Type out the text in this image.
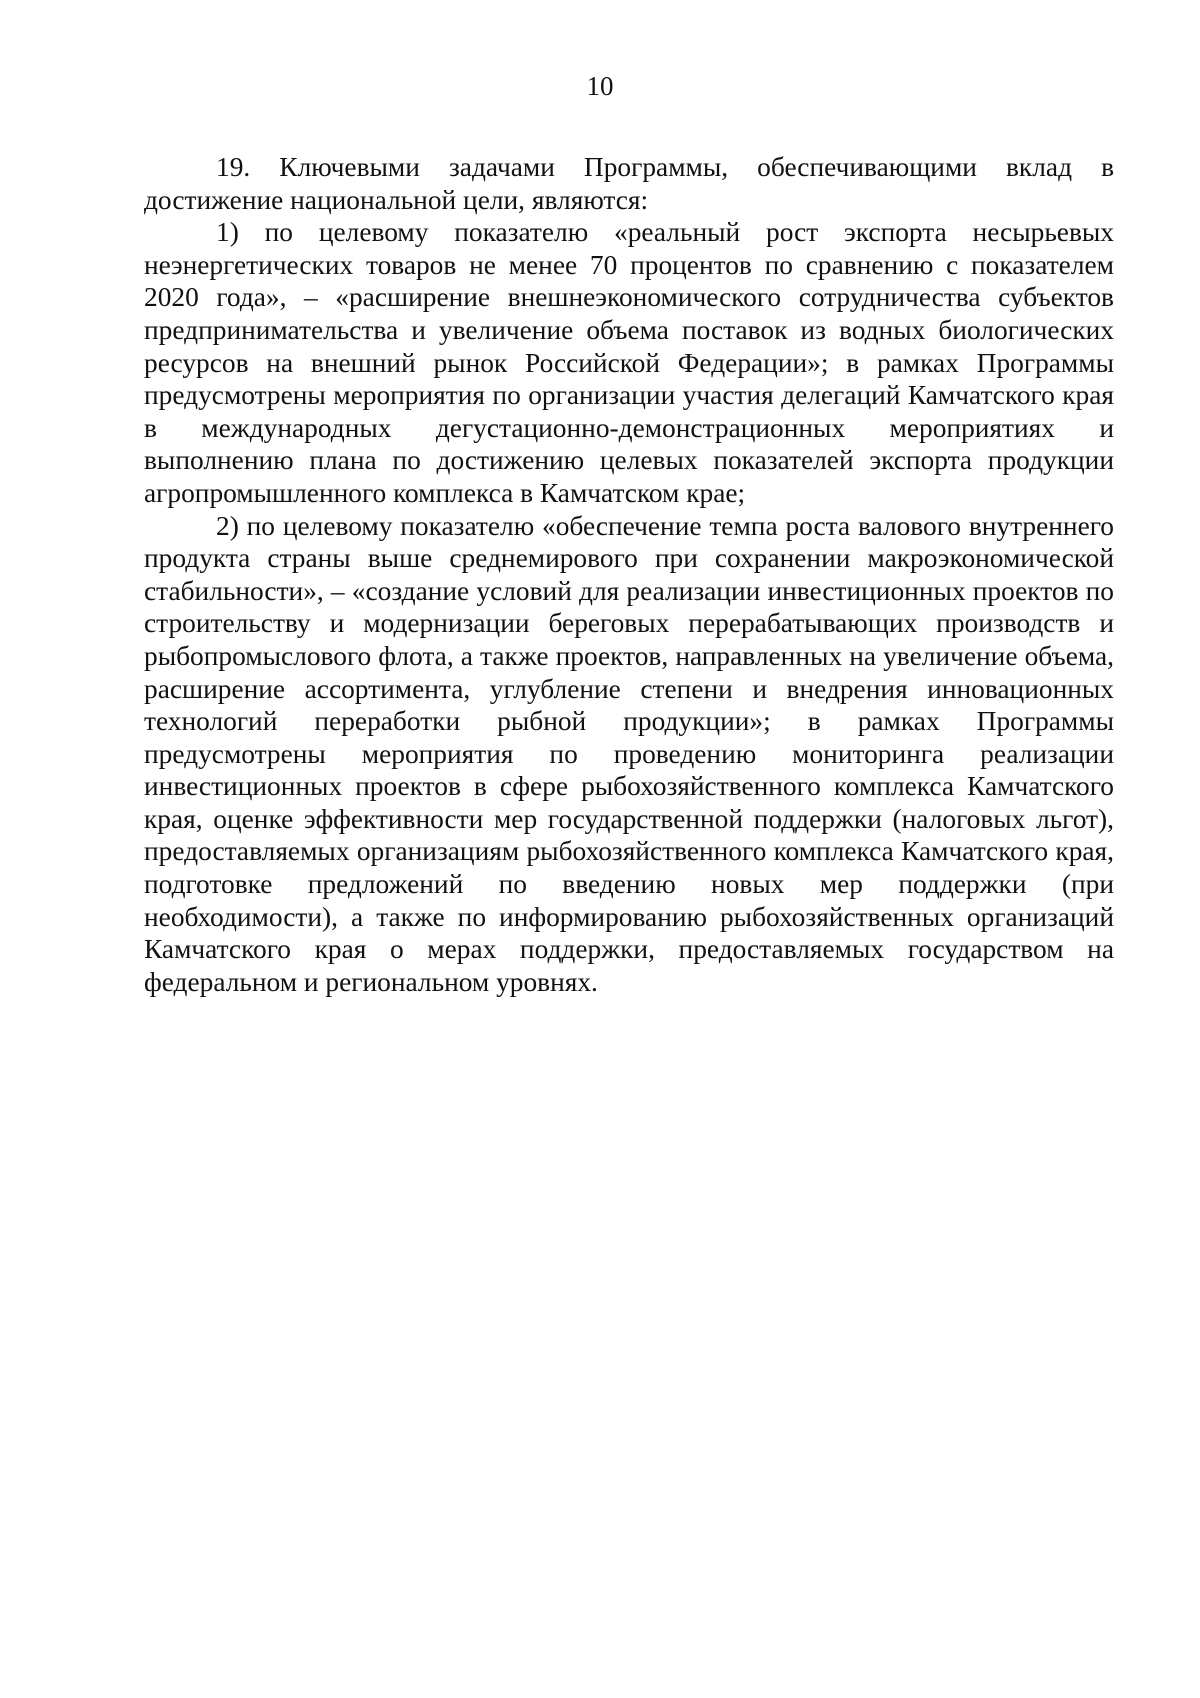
10

19. Ключевыми задачами Программы, обеспечивающими вклад в достижение национальной цели, являются:

1) по целевому показателю «реальный рост экспорта несырьевых неэнергетических товаров не менее 70 процентов по сравнению с показателем 2020 года», – «расширение внешнеэкономического сотрудничества субъектов предпринимательства и увеличение объема поставок из водных биологических ресурсов на внешний рынок Российской Федерации»; в рамках Программы предусмотрены мероприятия по организации участия делегаций Камчатского края в международных дегустационно-демонстрационных мероприятиях и выполнению плана по достижению целевых показателей экспорта продукции агропромышленного комплекса в Камчатском крае;

2) по целевому показателю «обеспечение темпа роста валового внутреннего продукта страны выше среднемирового при сохранении макроэкономической стабильности», – «создание условий для реализации инвестиционных проектов по строительству и модернизации береговых перерабатывающих производств и рыбопромыслового флота, а также проектов, направленных на увеличение объема, расширение ассортимента, углубление степени и внедрения инновационных технологий переработки рыбной продукции»; в рамках Программы предусмотрены мероприятия по проведению мониторинга реализации инвестиционных проектов в сфере рыбохозяйственного комплекса Камчатского края, оценке эффективности мер государственной поддержки (налоговых льгот), предоставляемых организациям рыбохозяйственного комплекса Камчатского края, подготовке предложений по введению новых мер поддержки (при необходимости), а также по информированию рыбохозяйственных организаций Камчатского края о мерах поддержки, предоставляемых государством на федеральном и региональном уровнях.
